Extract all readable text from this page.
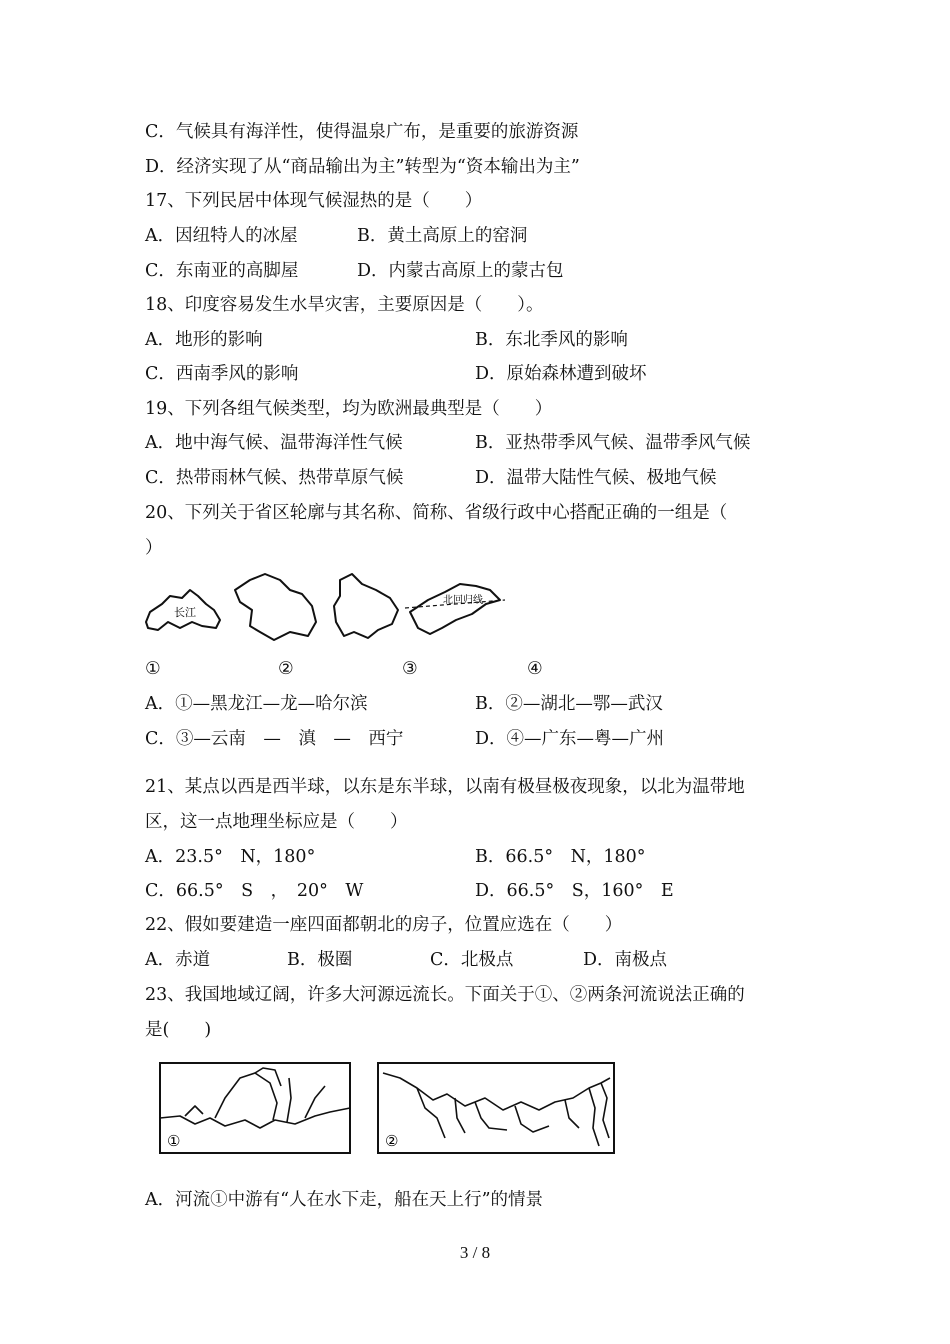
C．气候具有海洋性，使得温泉广布，是重要的旅游资源
D．经济实现了从“商品输出为主”转型为“资本输出为主”
17、下列民居中体现气候湿热的是（　　）
A．因纽特人的冰屋	B．黄土高原上的窑洞
C．东南亚的高脚屋	D．内蒙古高原上的蒙古包
18、印度容易发生水旱灾害，主要原因是（　　）。
A．地形的影响	B．东北季风的影响
C．西南季风的影响	D．原始森林遭到破坏
19、下列各组气候类型，均为欧洲最典型是（　　）
A．地中海气候、温带海洋性气候	B．亚热带季风气候、温带季风气候
C．热带雨林气候、热带草原气候	D．温带大陆性气候、极地气候
20、下列关于省区轮廓与其名称、简称、省级行政中心搭配正确的一组是（
）
长江
北回归线
①	②	③	④
A．①—黑龙江—龙—哈尔滨	B．②—湖北—鄂—武汉
C．③—云南　—　滇　—　西宁	D．④—广东—粤—广州
21、某点以西是西半球，以东是东半球，以南有极昼极夜现象，以北为温带地
区，这一点地理坐标应是（　　）
A．23.5°　N，180°	B．66.5°　N，180°
C．66.5°　S　，　20°　W	D．66.5°　S，160°　E
22、假如要建造一座四面都朝北的房子，位置应选在（　　）
A．赤道	B．极圈	C．北极点	D．南极点
23、我国地域辽阔，许多大河源远流长。下面关于①、②两条河流说法正确的
是(　　)
①	②
A．河流①中游有“人在水下走，船在天上行”的情景
3 / 8
